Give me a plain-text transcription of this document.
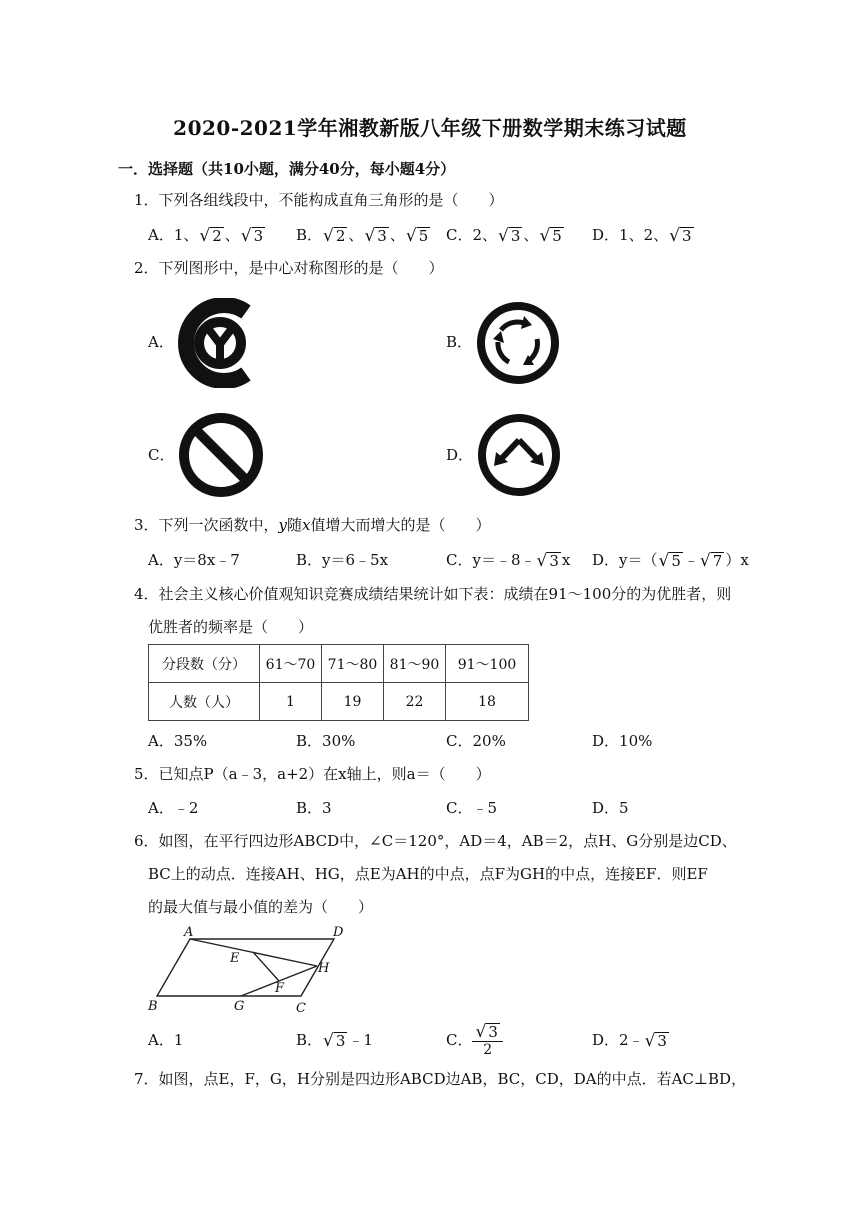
2020-2021学年湘教新版八年级下册数学期末练习试题
一．选择题（共10小题，满分40分，每小题4分）
1．下列各组线段中，不能构成直角三角形的是（　　）
A．1、 √ 2 、 √ 3 B． √ 2 、 √ 3 、 √ 5 C．2、 √ 3 、 √ 5 D．1、2、 √ 3
2．下列图形中，是中心对称图形的是（　　）
A．	B．
C．	D．
3．下列一次函数中，y随x值增大而增大的是（　　）
A．y＝8x﹣7	B．y＝6﹣5x	C．y＝﹣8﹣ √ 3 x D．y＝（ √ 5 ﹣ √ 7 ）x
4．社会主义核心价值观知识竞赛成绩结果统计如下表：成绩在91～100分的为优胜者，则
优胜者的频率是（　　）
分段数（分）	61～70	71～80	81～90	91～100
人数（人）	1	19	22	18
A．35%	B．30%	C．20%	D．10%
5．已知点P（a﹣3，a+2）在x轴上，则a＝（　　）
A．﹣2	B．3	C．﹣5	D．5
6．如图，在平行四边形ABCD中，∠C＝120°，AD＝4，AB＝2，点H、G分别是边CD、
BC上的动点．连接AH、HG，点E为AH的中点，点F为GH的中点，连接EF．则EF
的最大值与最小值的差为（　　）
A	D
B	C
E
H
F
G
A．1	B． √ 3 ﹣1	C． $\frac{√ 3}{2}$	D．2﹣ √ 3
7．如图，点E，F，G，H分别是四边形ABCD边AB，BC，CD，DA的中点．若AC⊥BD，
